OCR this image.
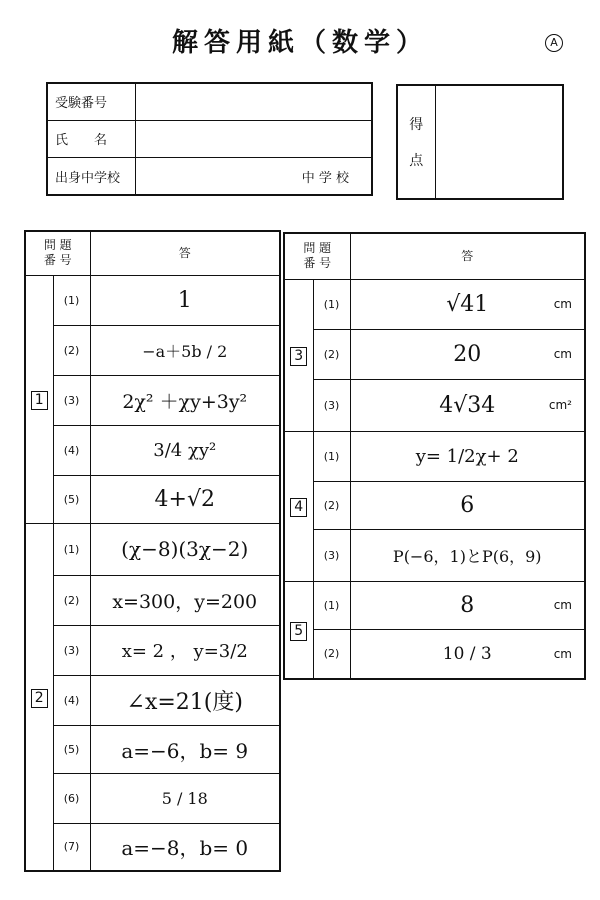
解答用紙（数学）	A
受験番号	
氏　　名	
出身中学校	中 学 校
得

点	
問 題
番 号		答
1	(1)	1
	(2)	−a＋5b / 2
	(3)	2χ² ＋χy+3y²
	(4)	3/4 χy²
	(5)	4+√2
2	(1)	(χ−8)(3χ−2)
	(2)	x=300，y=200
	(3)	x= 2 ， y=3/2
	(4)	∠x=21(度)
	(5)	a=−6，b= 9
	(6)	5 / 18
	(7)	a=−8，b= 0
問 題
番 号		答
3	(1)	√41 cm

	(2)	20 cm

	(3)	4√34 cm²

4	(1)	y= 1/2χ+ 2
	(2)	6
	(3)	P(−6，1)とP(6，9)
5	(1)	8 cm

	(2)	10 / 3 cm
